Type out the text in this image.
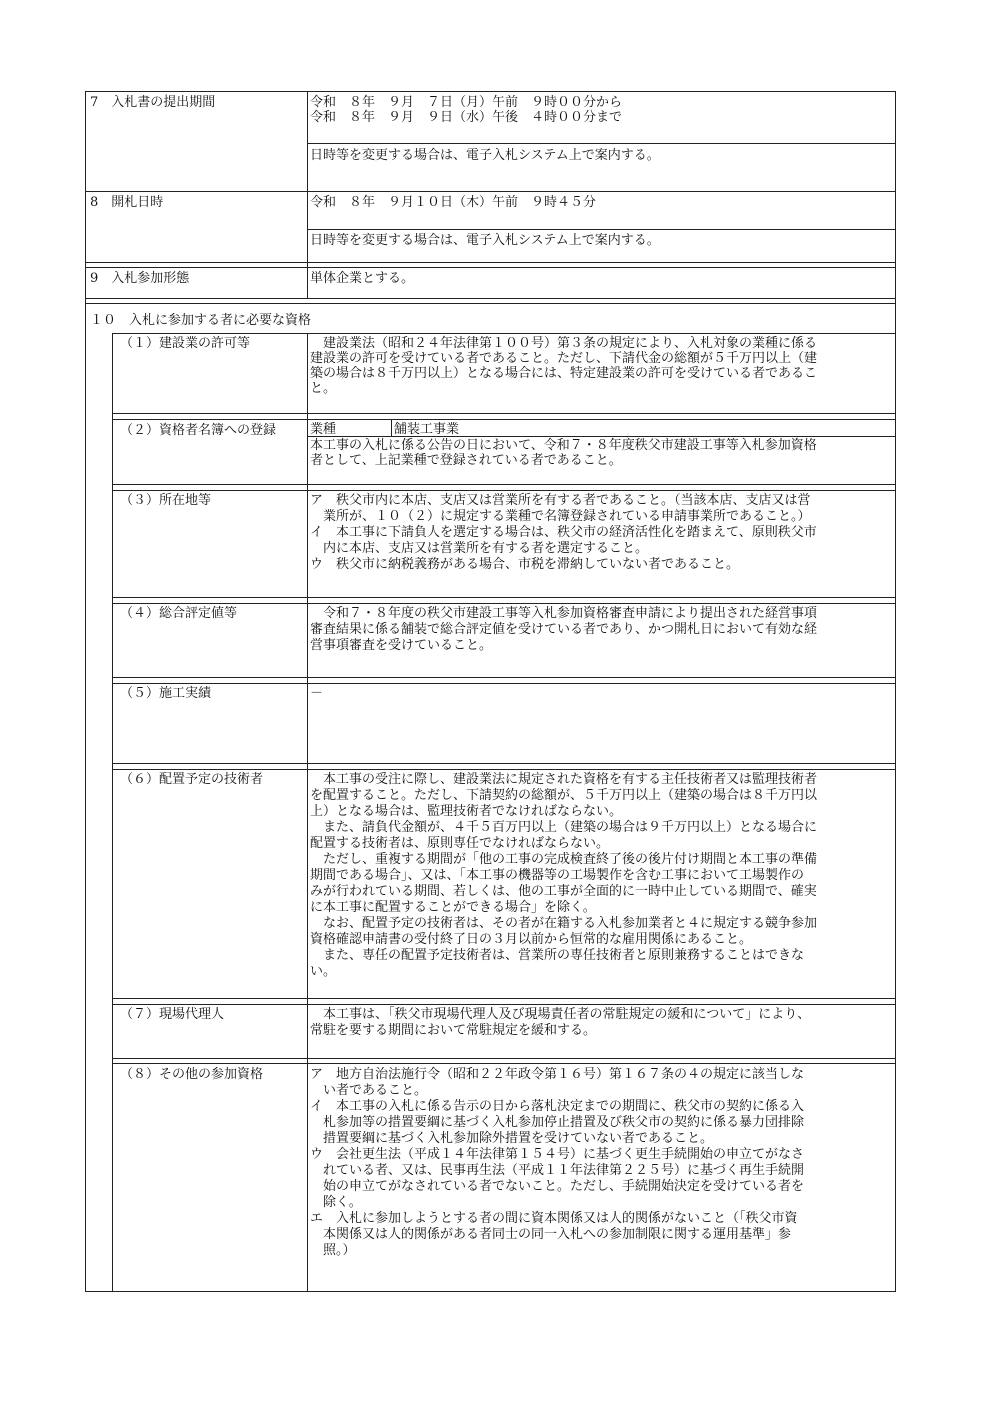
7　入札書の提出期間	令和　８年　９月　７日（月）午前　９時００分から
令和　８年　９月　９日（水）午後　４時００分まで
日時等を変更する場合は、電子入札システム上で案内する。
8　開札日時	令和　８年　９月１０日（木）午前　９時４５分
日時等を変更する場合は、電子入札システム上で案内する。
9　入札参加形態	単体企業とする。
１０　入札に参加する者に必要な資格
（１）建設業の許可等	　建設業法（昭和２４年法律第１００号）第３条の規定により、入札対象の業種に係る
建設業の許可を受けている者であること。ただし、下請代金の総額が５千万円以上（建
築の場合は８千万円以上）となる場合には、特定建設業の許可を受けている者であるこ
と。
（２）資格者名簿への登録	業種	舗装工事業
本工事の入札に係る公告の日において、令和７・８年度秩父市建設工事等入札参加資格
者として、上記業種で登録されている者であること。
（３）所在地等	ア　秩父市内に本店、支店又は営業所を有する者であること。（当該本店、支店又は営
　業所が、１０（２）に規定する業種で名簿登録されている申請事業所であること。）
イ　本工事に下請負人を選定する場合は、秩父市の経済活性化を踏まえて、原則秩父市
　内に本店、支店又は営業所を有する者を選定すること。
ウ　秩父市に納税義務がある場合、市税を滞納していない者であること。
（４）総合評定値等	　令和７・８年度の秩父市建設工事等入札参加資格審査申請により提出された経営事項
審査結果に係る舗装で総合評定値を受けている者であり、かつ開札日において有効な経
営事項審査を受けていること。
（５）施工実績	－
（６）配置予定の技術者	　本工事の受注に際し、建設業法に規定された資格を有する主任技術者又は監理技術者
を配置すること。ただし、下請契約の総額が、５千万円以上（建築の場合は８千万円以
上）となる場合は、監理技術者でなければならない。
　また、請負代金額が、４千５百万円以上（建築の場合は９千万円以上）となる場合に
配置する技術者は、原則専任でなければならない。
　ただし、重複する期間が「他の工事の完成検査終了後の後片付け期間と本工事の準備
期間である場合」、又は、「本工事の機器等の工場製作を含む工事において工場製作の
みが行われている期間、若しくは、他の工事が全面的に一時中止している期間で、確実
に本工事に配置することができる場合」を除く。
　なお、配置予定の技術者は、その者が在籍する入札参加業者と４に規定する競争参加
資格確認申請書の受付終了日の３月以前から恒常的な雇用関係にあること。
　また、専任の配置予定技術者は、営業所の専任技術者と原則兼務することはできな
い。
（７）現場代理人	　本工事は、「秩父市現場代理人及び現場責任者の常駐規定の緩和について」により、
常駐を要する期間において常駐規定を緩和する。
（８）その他の参加資格	ア　地方自治法施行令（昭和２２年政令第１６号）第１６７条の４の規定に該当しな
　い者であること。
イ　本工事の入札に係る告示の日から落札決定までの期間に、秩父市の契約に係る入
　札参加等の措置要綱に基づく入札参加停止措置及び秩父市の契約に係る暴力団排除
　措置要綱に基づく入札参加除外措置を受けていない者であること。
ウ　会社更生法（平成１４年法律第１５４号）に基づく更生手続開始の申立てがなさ
　れている者、又は、民事再生法（平成１１年法律第２２５号）に基づく再生手続開
　始の申立てがなされている者でないこと。ただし、手続開始決定を受けている者を
　除く。
エ　入札に参加しようとする者の間に資本関係又は人的関係がないこと（「秩父市資
　本関係又は人的関係がある者同士の同一入札への参加制限に関する運用基準」参
　照。）
